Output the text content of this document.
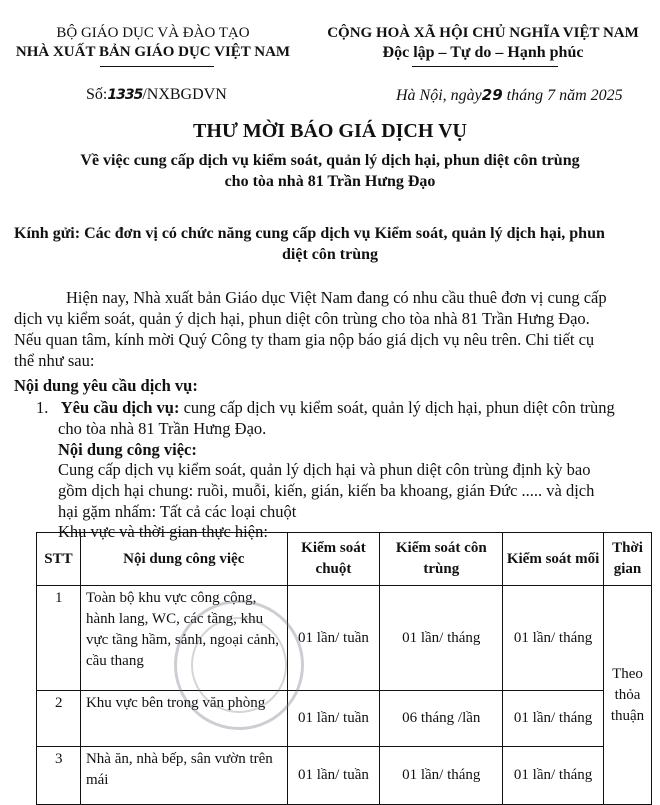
BỘ GIÁO DỤC VÀ ĐÀO TẠO
NHÀ XUẤT BẢN GIÁO DỤC VIỆT NAM
CỘNG HOÀ XÃ HỘI CHỦ NGHĨA VIỆT NAM
Độc lập – Tự do – Hạnh phúc
Số:1335/NXBGDVN	Hà Nội, ngày29 tháng 7 năm 2025
THƯ MỜI BÁO GIÁ DỊCH VỤ
Về việc cung cấp dịch vụ kiểm soát, quản lý dịch hại, phun diệt côn trùng
cho tòa nhà 81 Trần Hưng Đạo
Kính gửi: Các đơn vị có chức năng cung cấp dịch vụ Kiểm soát, quản lý dịch hại, phun
diệt côn trùng
Hiện nay, Nhà xuất bản Giáo dục Việt Nam đang có nhu cầu thuê đơn vị cung cấp
dịch vụ kiểm soát, quản ý dịch hại, phun diệt côn trùng cho tòa nhà 81 Trần Hưng Đạo.
Nếu quan tâm, kính mời Quý Công ty tham gia nộp báo giá dịch vụ nêu trên. Chi tiết cụ
thể như sau:
Nội dung yêu cầu dịch vụ:
1. Yêu cầu dịch vụ: cung cấp dịch vụ kiểm soát, quản lý dịch hại, phun diệt côn trùng
cho tòa nhà 81 Trần Hưng Đạo.
Nội dung công việc:
Cung cấp dịch vụ kiểm soát, quản lý dịch hại và phun diệt côn trùng định kỳ bao
gồm dịch hại chung: ruồi, muỗi, kiến, gián, kiến ba khoang, gián Đức ..... và dịch
hại gặm nhấm: Tất cả các loại chuột
Khu vực và thời gian thực hiện:
STT	Nội dung công việc	Kiểm soát chuột	Kiểm soát côn trùng	Kiểm soát mối	Thời gian
1	Toàn bộ khu vực công cộng, hành lang, WC, các tầng, khu vực tầng hầm, sảnh, ngoại cảnh, cầu thang	01 lần/ tuần	01 lần/ tháng	01 lần/ tháng	Theo thỏa thuận
2	Khu vực bên trong văn phòng	01 lần/ tuần	06 tháng /lần	01 lần/ tháng	
3	Nhà ăn, nhà bếp, sân vườn trên mái	01 lần/ tuần	01 lần/ tháng	01 lần/ tháng	
